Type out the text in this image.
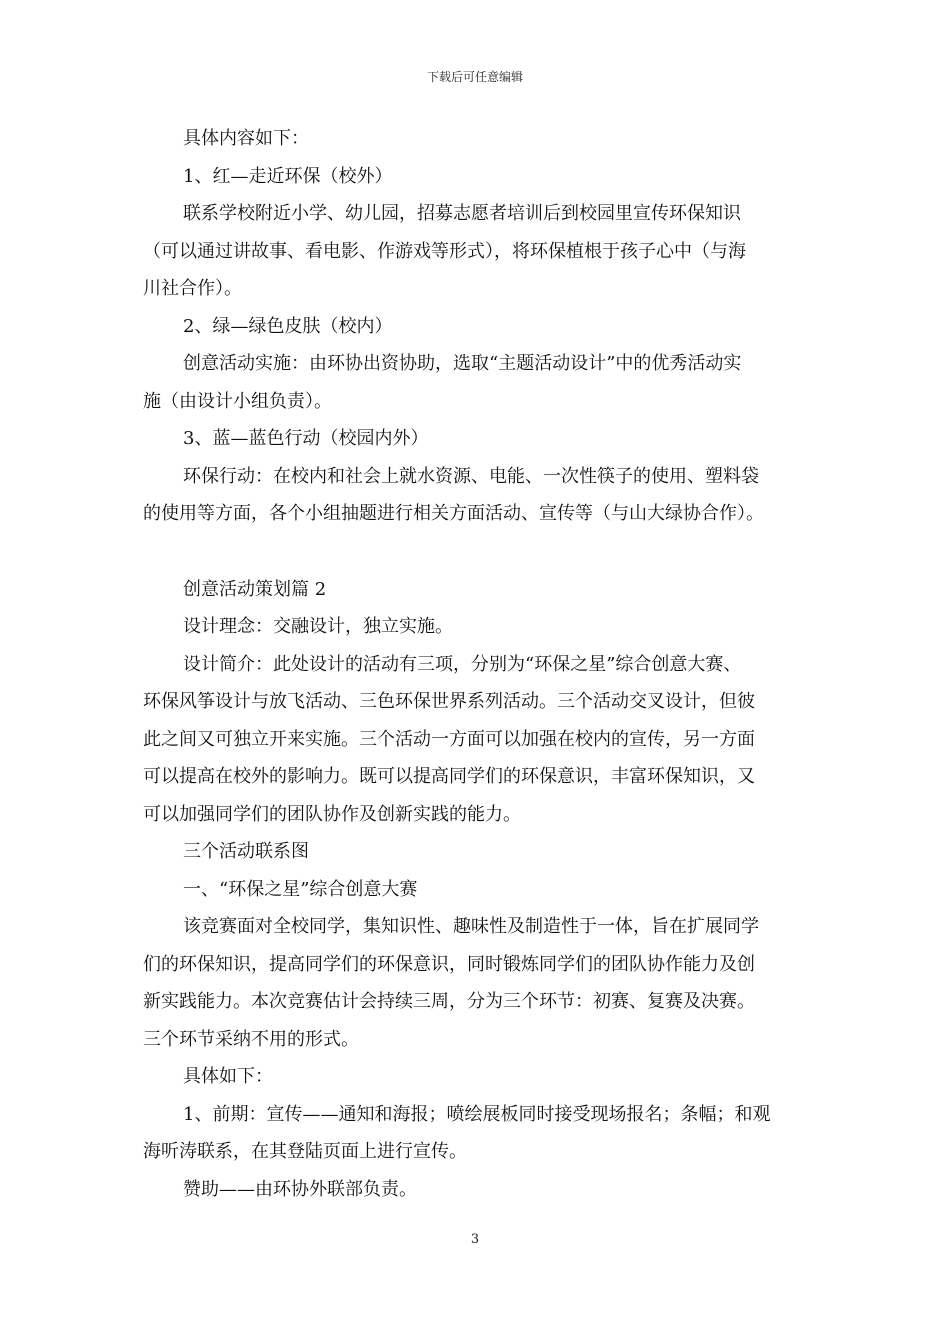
下载后可任意编辑
具体内容如下：
1、红—走近环保（校外）
联系学校附近小学、幼儿园，招募志愿者培训后到校园里宣传环保知识
（可以通过讲故事、看电影、作游戏等形式），将环保植根于孩子心中（与海
川社合作）。
2、绿—绿色皮肤（校内）
创意活动实施：由环协出资协助，选取“主题活动设计”中的优秀活动实
施（由设计小组负责）。
3、蓝—蓝色行动（校园内外）
环保行动：在校内和社会上就水资源、电能、一次性筷子的使用、塑料袋
的使用等方面，各个小组抽题进行相关方面活动、宣传等（与山大绿协合作）。
创意活动策划篇 2
设计理念：交融设计，独立实施。
设计简介：此处设计的活动有三项，分别为“环保之星”综合创意大赛、
环保风筝设计与放飞活动、三色环保世界系列活动。三个活动交叉设计，但彼
此之间又可独立开来实施。三个活动一方面可以加强在校内的宣传，另一方面
可以提高在校外的影响力。既可以提高同学们的环保意识，丰富环保知识，又
可以加强同学们的团队协作及创新实践的能力。
三个活动联系图
一、“环保之星”综合创意大赛
该竞赛面对全校同学，集知识性、趣味性及制造性于一体，旨在扩展同学
们的环保知识，提高同学们的环保意识，同时锻炼同学们的团队协作能力及创
新实践能力。本次竞赛估计会持续三周，分为三个环节：初赛、复赛及决赛。
三个环节采纳不用的形式。
具体如下：
1、前期：宣传——通知和海报；喷绘展板同时接受现场报名；条幅；和观
海听涛联系，在其登陆页面上进行宣传。
赞助——由环协外联部负责。
3
